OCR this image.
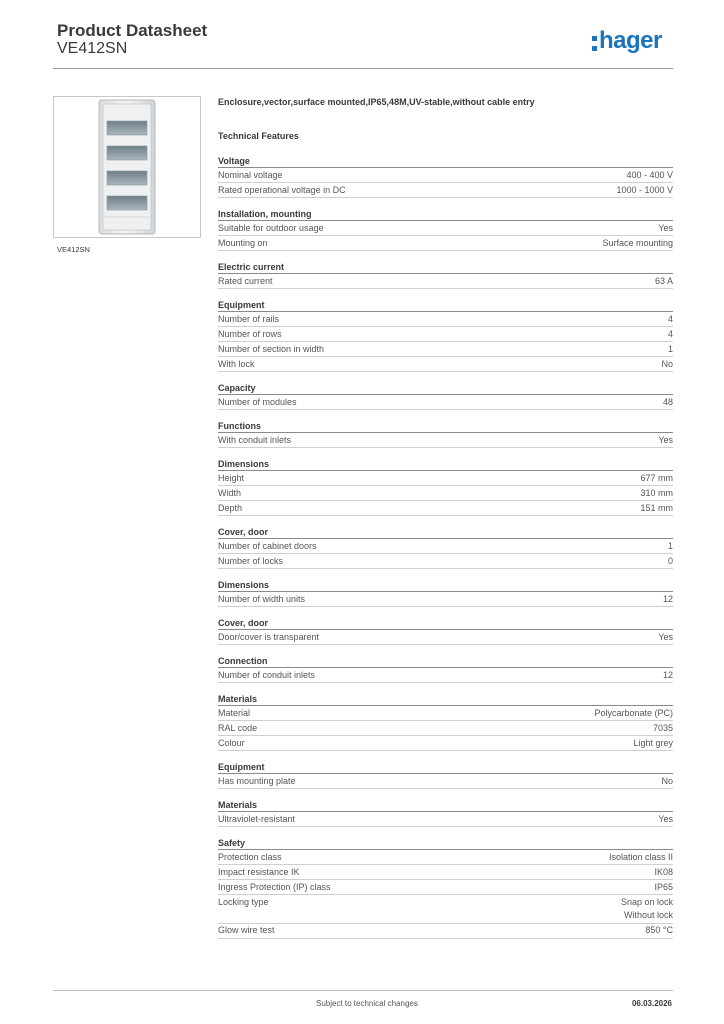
Product Datasheet
VE412SN	hager
VE412SN
Enclosure,vector,surface mounted,IP65,48M,UV-stable,without cable entry
Technical Features
Voltage
Nominal voltage	400 - 400 V
Rated operational voltage in DC	1000 - 1000 V
Installation, mounting
Suitable for outdoor usage	Yes
Mounting on	Surface mounting
Electric current
Rated current	63 A
Equipment
Number of rails	4
Number of rows	4
Number of section in width	1
With lock	No
Capacity
Number of modules	48
Functions
With conduit inlets	Yes
Dimensions
Height	677 mm
Width	310 mm
Depth	151 mm
Cover, door
Number of cabinet doors	1
Number of locks	0
Dimensions
Number of width units	12
Cover, door
Door/cover is transparent	Yes
Connection
Number of conduit inlets	12
Materials
Material	Polycarbonate (PC)
RAL code	7035
Colour	Light grey
Equipment
Has mounting plate	No
Materials
Ultraviolet-resistant	Yes
Safety
Protection class	Isolation class II
Impact resistance IK	IK08
Ingress Protection (IP) class	IP65
Locking type	Snap on lock
Without lock
Glow wire test	850 °C
Subject to technical changes	06.03.2026
